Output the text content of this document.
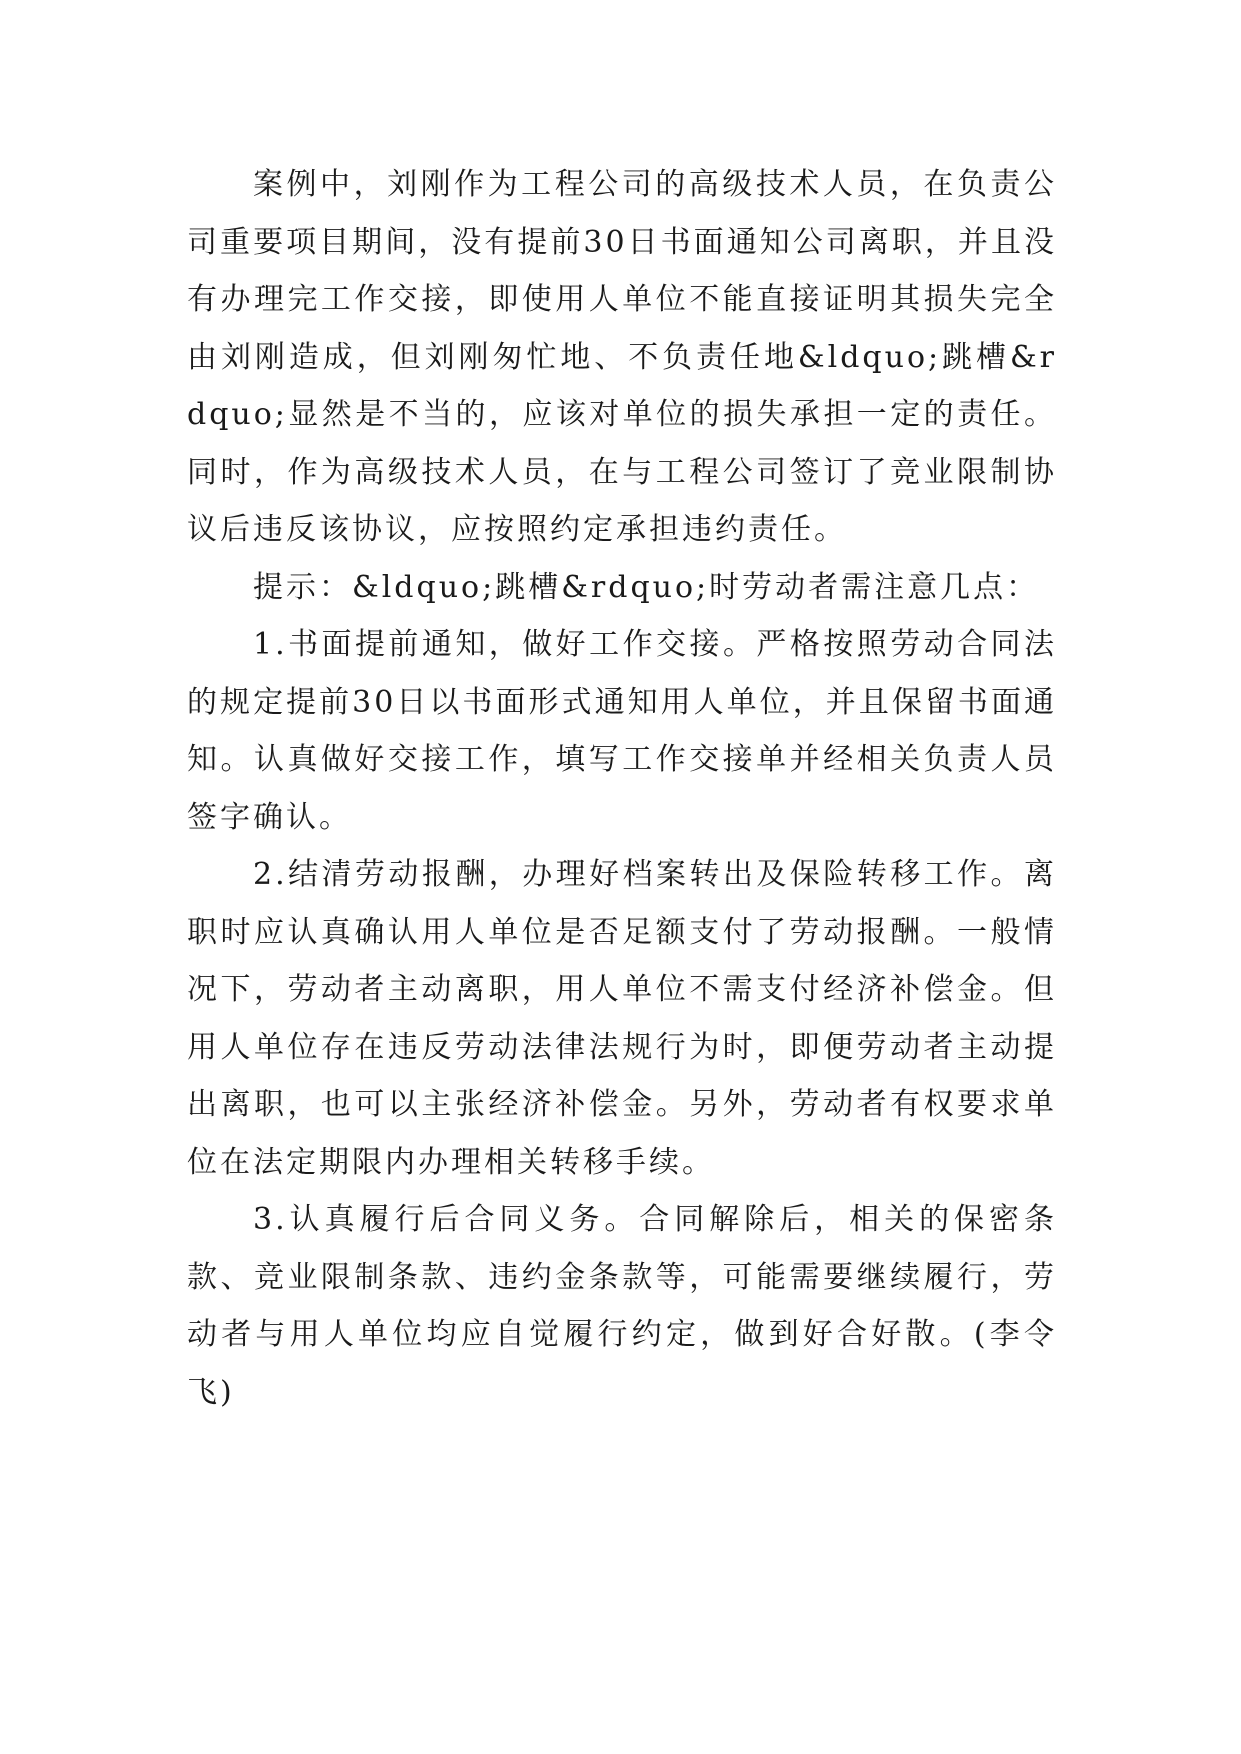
案例中，刘刚作为工程公司的高级技术人员，在负责公司重要项目期间，没有提前30日书面通知公司离职，并且没有办理完工作交接，即使用人单位不能直接证明其损失完全由刘刚造成，但刘刚匆忙地、不负责任地&ldquo;跳槽&rdquo;显然是不当的，应该对单位的损失承担一定的责任。同时，作为高级技术人员，在与工程公司签订了竞业限制协议后违反该协议，应按照约定承担违约责任。

提示：&ldquo;跳槽&rdquo;时劳动者需注意几点：

1.书面提前通知，做好工作交接。严格按照劳动合同法的规定提前30日以书面形式通知用人单位，并且保留书面通知。认真做好交接工作，填写工作交接单并经相关负责人员签字确认。

2.结清劳动报酬，办理好档案转出及保险转移工作。离职时应认真确认用人单位是否足额支付了劳动报酬。一般情况下，劳动者主动离职，用人单位不需支付经济补偿金。但用人单位存在违反劳动法律法规行为时，即便劳动者主动提出离职，也可以主张经济补偿金。另外，劳动者有权要求单位在法定期限内办理相关转移手续。

3.认真履行后合同义务。合同解除后，相关的保密条款、竞业限制条款、违约金条款等，可能需要继续履行，劳动者与用人单位均应自觉履行约定，做到好合好散。(李令飞)
